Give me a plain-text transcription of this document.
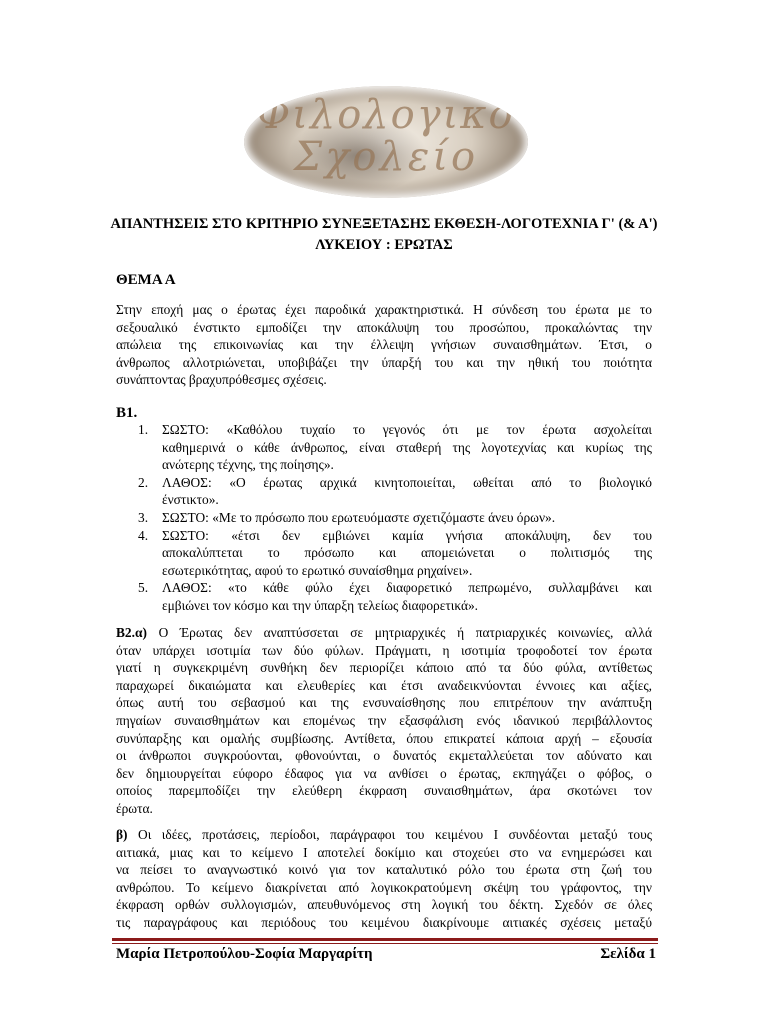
Φιλολογικό
Σχολείο
ΑΠΑΝΤΗΣΕΙΣ ΣΤΟ ΚΡΙΤΗΡΙΟ ΣΥΝΕΞΕΤΑΣΗΣ ΕΚΘΕΣΗ-ΛΟΓΟΤΕΧΝΙΑ Γ' (& Α')
ΛΥΚΕΙΟΥ : ΕΡΩΤΑΣ
ΘΕΜΑ Α
Στην εποχή μας ο έρωτας έχει παροδικά χαρακτηριστικά. Η σύνδεση του έρωτα με το
σεξουαλικό ένστικτο εμποδίζει την αποκάλυψη του προσώπου, προκαλώντας την
απώλεια της επικοινωνίας και την έλλειψη γνήσιων συναισθημάτων. Έτσι, ο
άνθρωπος αλλοτριώνεται, υποβιβάζει την ύπαρξή του και την ηθική του ποιότητα
συνάπτοντας βραχυπρόθεσμες σχέσεις.
Β1.
1. ΣΩΣΤΟ: «Καθόλου τυχαίο το γεγονός ότι με τον έρωτα ασχολείται
καθημερινά ο κάθε άνθρωπος, είναι σταθερή της λογοτεχνίας και κυρίως της
ανώτερης τέχνης, της ποίησης».
2. ΛΑΘΟΣ: «Ο έρωτας αρχικά κινητοποιείται, ωθείται από το βιολογικό
ένστικτο».
3. ΣΩΣΤΟ: «Με το πρόσωπο που ερωτευόμαστε σχετιζόμαστε άνευ όρων».
4. ΣΩΣΤΟ: «έτσι δεν εμβιώνει καμία γνήσια αποκάλυψη, δεν του
αποκαλύπτεται το πρόσωπο και απομειώνεται ο πολιτισμός της
εσωτερικότητας, αφού το ερωτικό συναίσθημα ρηχαίνει».
5. ΛΑΘΟΣ: «το κάθε φύλο έχει διαφορετικό πεπρωμένο, συλλαμβάνει και
εμβιώνει τον κόσμο και την ύπαρξη τελείως διαφορετικά».
Β2.α) Ο Έρωτας δεν αναπτύσσεται σε μητριαρχικές ή πατριαρχικές κοινωνίες, αλλά
όταν υπάρχει ισοτιμία των δύο φύλων. Πράγματι, η ισοτιμία τροφοδοτεί τον έρωτα
γιατί η συγκεκριμένη συνθήκη δεν περιορίζει κάποιο από τα δύο φύλα, αντίθετως
παραχωρεί δικαιώματα και ελευθερίες και έτσι αναδεικνύονται έννοιες και αξίες,
όπως αυτή του σεβασμού και της ενσυναίσθησης που επιτρέπουν την ανάπτυξη
πηγαίων συναισθημάτων και επομένως την εξασφάλιση ενός ιδανικού περιβάλλοντος
συνύπαρξης και ομαλής συμβίωσης. Αντίθετα, όπου επικρατεί κάποια αρχή – εξουσία
οι άνθρωποι συγκρούονται, φθονούνται, ο δυνατός εκμεταλλεύεται τον αδύνατο και
δεν δημιουργείται εύφορο έδαφος για να ανθίσει ο έρωτας, εκπηγάζει ο φόβος, ο
οποίος παρεμποδίζει την ελεύθερη έκφραση συναισθημάτων, άρα σκοτώνει τον
έρωτα.
β) Οι ιδέες, προτάσεις, περίοδοι, παράγραφοι του κειμένου Ι συνδέονται μεταξύ τους
αιτιακά, μιας και το κείμενο Ι αποτελεί δοκίμιο και στοχεύει στο να ενημερώσει και
να πείσει το αναγνωστικό κοινό για τον καταλυτικό ρόλο του έρωτα στη ζωή του
ανθρώπου. Το κείμενο διακρίνεται από λογικοκρατούμενη σκέψη του γράφοντος, την
έκφραση ορθών συλλογισμών, απευθυνόμενος στη λογική του δέκτη. Σχεδόν σε όλες
τις παραγράφους και περιόδους του κειμένου διακρίνουμε αιτιακές σχέσεις μεταξύ
Μαρία Πετροπούλου-Σοφία Μαργαρίτη	Σελίδα 1
